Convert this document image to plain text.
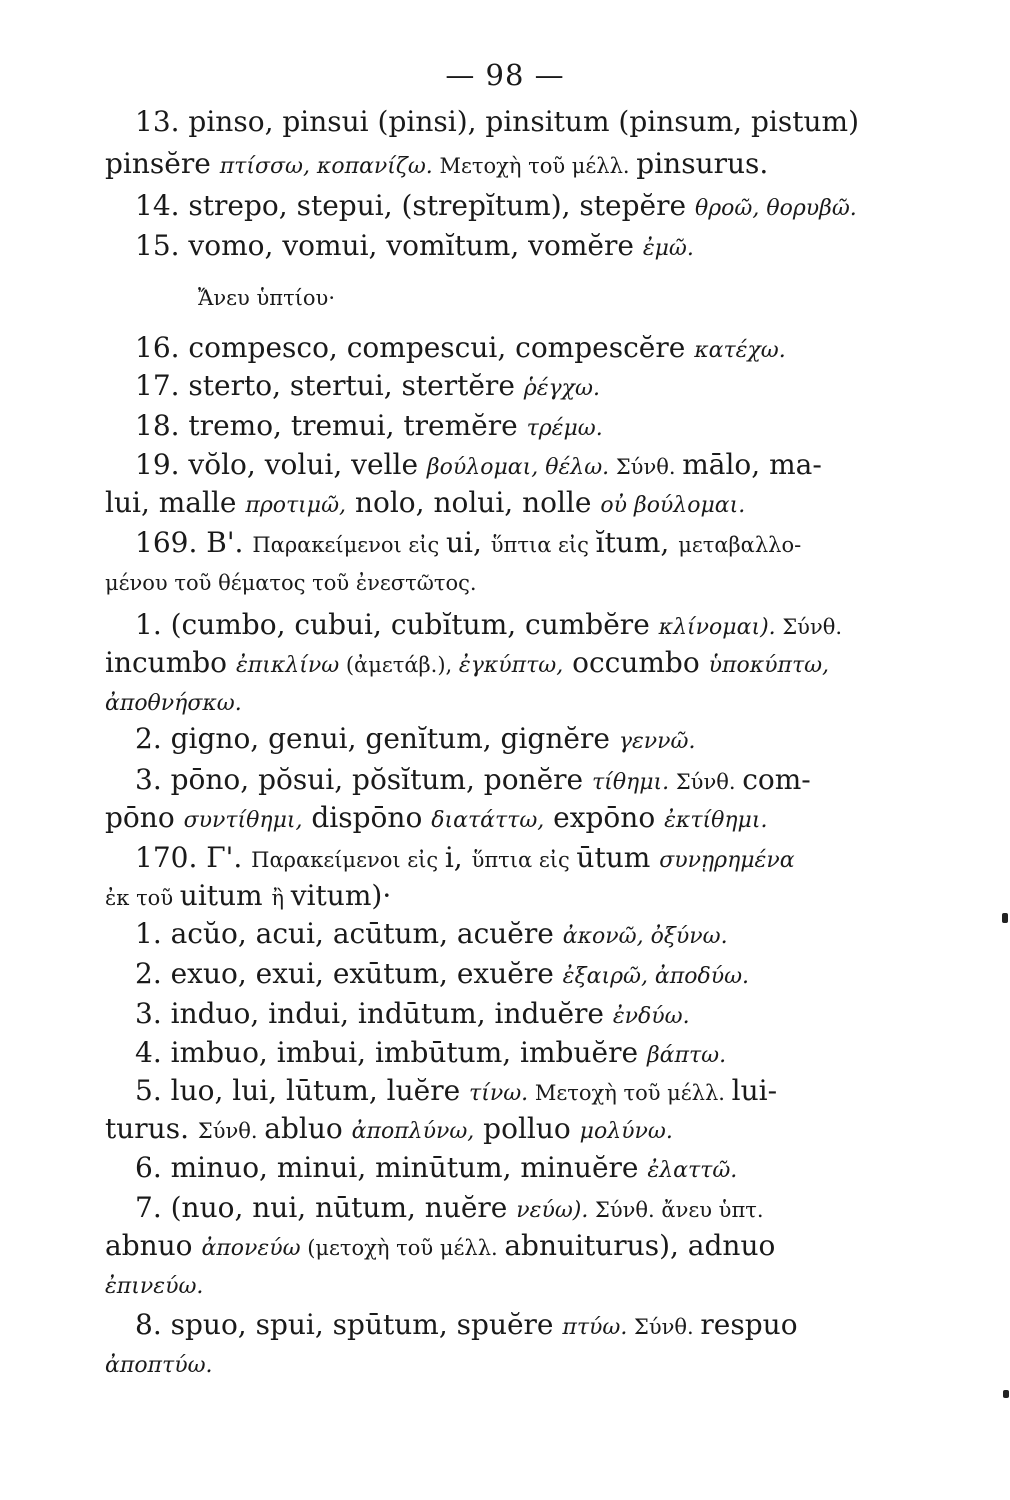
— 98 —
13. pinso, pinsui (pinsi), pinsitum (pinsum, pistum)
pinsĕre πτίσσω, κοπανίζω. Μετοχὴ τοῦ μέλλ. pinsurus.
14. strepo, stepui, (strepĭtum), stepĕre θροῶ, θορυβῶ.
15. vomo, vomui, vomĭtum, vomĕre ἐμῶ.
Ἄνευ ὑπτίου·
16. compesco, compescui, compescĕre κατέχω.
17. sterto, stertui, stertĕre ῥέγχω.
18. tremo, tremui, tremĕre τρέμω.
19. vŏlo, volui, velle βούλομαι, θέλω. Σύνθ. mālo, ma-
lui, malle προτιμῶ, nolo, nolui, nolle οὐ βούλομαι.
169. Β'. Παρακείμενοι εἰς ui, ὕπτια εἰς ĭtum, μεταβαλλο-
μένου τοῦ θέματος τοῦ ἐνεστῶτος.
1. (cumbo, cubui, cubĭtum, cumbĕre κλίνομαι). Σύνθ.
incumbo ἐπικλίνω (ἀμετάβ.), ἐγκύπτω, occumbo ὑποκύπτω,
ἀποθνήσκω.
2. gigno, genui, genĭtum, gignĕre γεννῶ.
3. pōno, pŏsui, pŏsĭtum, ponĕre τίθημι. Σύνθ. com-
pōno συντίθημι, dispōno διατάττω, expōno ἐκτίθημι.
170. Γ'. Παρακείμενοι εἰς i, ὕπτια εἰς ūtum συνῃρημένα
ἐκ τοῦ uitum ἢ vitum)·
1. acŭo, acui, acūtum, acuĕre ἀκονῶ, ὀξύνω.
2. exuo, exui, exūtum, exuĕre ἐξαιρῶ, ἀποδύω.
3. induo, indui, indūtum, induĕre ἐνδύω.
4. imbuo, imbui, imbūtum, imbuĕre βάπτω.
5. luo, lui, lūtum, luĕre τίνω. Μετοχὴ τοῦ μέλλ. lui-
turus. Σύνθ. abluo ἀποπλύνω, polluo μολύνω.
6. minuo, minui, minūtum, minuĕre ἐλαττῶ.
7. (nuo, nui, nūtum, nuĕre νεύω). Σύνθ. ἄνευ ὑπτ.
abnuo ἀπονεύω (μετοχὴ τοῦ μέλλ. abnuiturus), adnuo
ἐπινεύω.
8. spuo, spui, spūtum, spuĕre πτύω. Σύνθ. respuo
ἀποπτύω.
